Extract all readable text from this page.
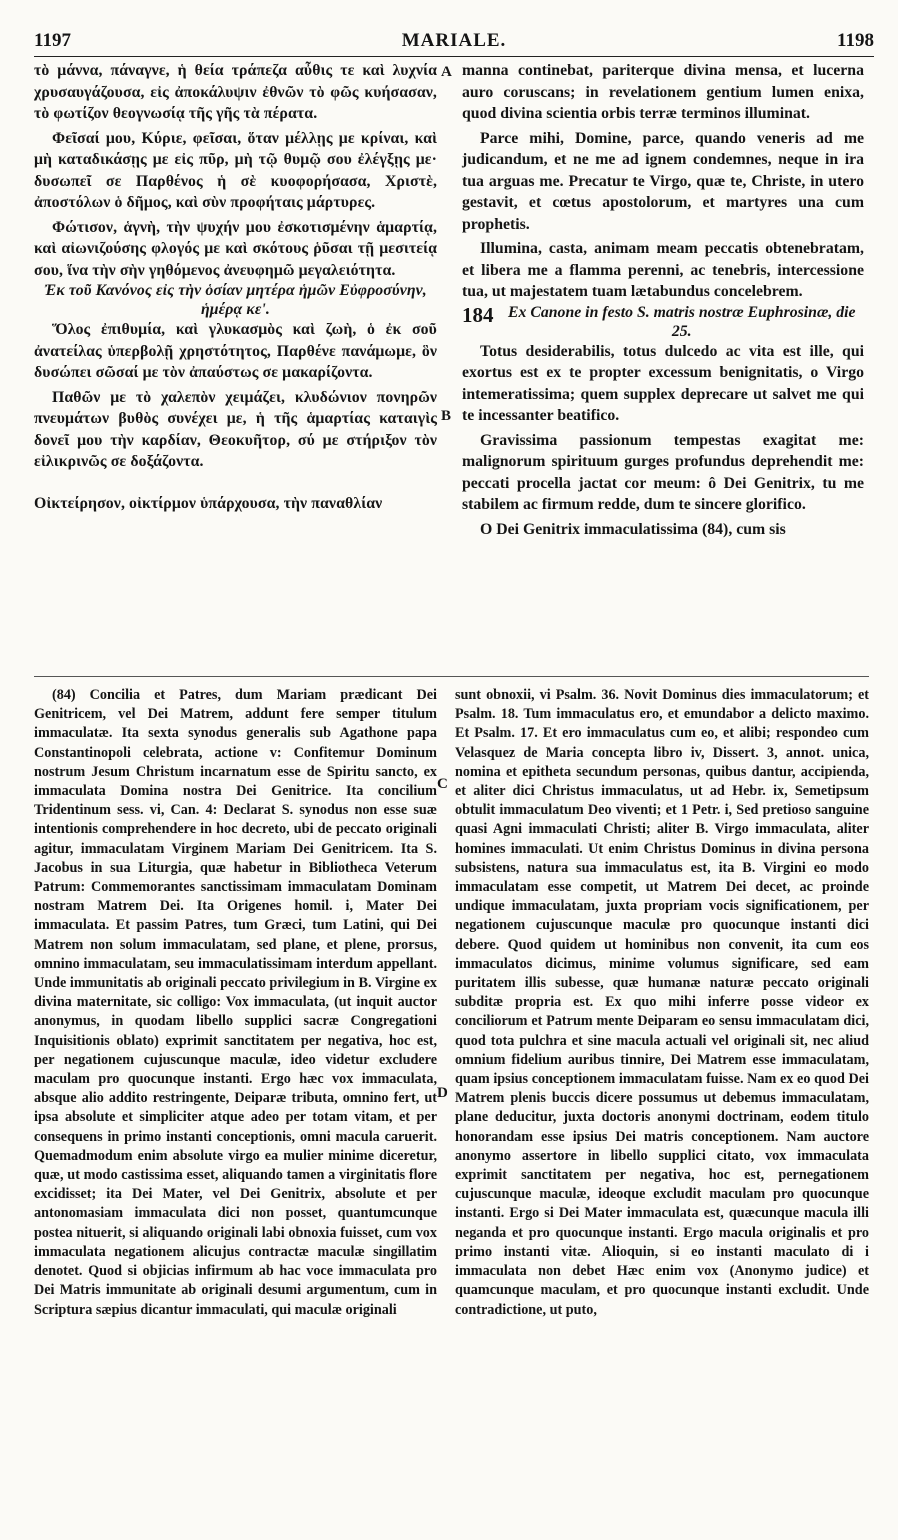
1197	MARIALE.	1198
A
B
C
D

τὸ μάννα, πάναγνε, ἡ θεία τράπεζα αὖθις τε καὶ λυχνία χρυσαυγάζουσα, εἰς ἀποκάλυψιν ἐθνῶν τὸ φῶς κυήσασαν, τὸ φωτίζον θεογνωσίᾳ τῆς γῆς τὰ πέρατα.

Φεῖσαί μου, Κύριε, φεῖσαι, ὅταν μέλλῃς με κρίναι, καὶ μὴ καταδικάσῃς με εἰς πῦρ, μὴ τῷ θυμῷ σου ἐλέγξῃς με· δυσωπεῖ σε Παρθένος ἡ σὲ κυοφορήσασα, Χριστὲ, ἀποστόλων ὁ δῆμος, καὶ σὺν προφήταις μάρτυρες.

Φώτισον, ἁγνὴ, τὴν ψυχήν μου ἐσκοτισμένην ἁμαρτίᾳ, καὶ αἰωνιζούσης φλογός με καὶ σκότους ῥῦσαι τῇ μεσιτείᾳ σου, ἵνα τὴν σὴν γηθόμενος ἀνευφημῶ μεγαλειότητα.

Ἐκ τοῦ Κανόνος εἰς τὴν ὁσίαν μητέρα ἡμῶν Εὐφροσύνην, ἡμέρᾳ κε'.

Ὅλος ἐπιθυμία, καὶ γλυκασμὸς καὶ ζωὴ, ὁ ἐκ σοῦ ἀνατείλας ὑπερβολῇ χρηστότητος, Παρθένε πανάμωμε, ὃν δυσώπει σῶσαί με τὸν ἀπαύστως σε μακαρίζοντα.

Παθῶν με τὸ χαλεπὸν χειμάζει, κλυδώνιον πονηρῶν πνευμάτων βυθὸς συνέχει με, ἡ τῆς ἁμαρτίας καταιγὶς δονεῖ μου τὴν καρδίαν, Θεοκυῆτορ, σύ με στήριξον τὸν εἰλικρινῶς σε δοξάζοντα.

Οἰκτείρησον, οἰκτίρμον ὑπάρχουσα, τὴν παναθλίαν

manna continebat, pariterque divina mensa, et lucerna auro coruscans; in revelationem gentium lumen enixa, quod divina scientia orbis terræ terminos illuminat.

Parce mihi, Domine, parce, quando veneris ad me judicandum, et ne me ad ignem condemnes, neque in ira tua arguas me. Precatur te Virgo, quæ te, Christe, in utero gestavit, et cœtus apostolorum, et martyres una cum prophetis.

Illumina, casta, animam meam peccatis obtenebratam, et libera me a flamma perenni, ac tenebris, intercessione tua, ut majestatem tuam lætabundus concelebrem.

184 Ex Canone in festo S. matris nostræ Euphrosinæ, die 25.

Totus desiderabilis, totus dulcedo ac vita est ille, qui exortus est ex te propter excessum benignitatis, o Virgo intemeratissima; quem supplex deprecare ut salvet me qui te incessanter beatifico.

Gravissima passionum tempestas exagitat me: malignorum spirituum gurges profundus deprehendit me: peccati procella jactat cor meum: ô Dei Genitrix, tu me stabilem ac firmum redde, dum te sincere glorifico.

O Dei Genitrix immaculatissima (84), cum sis

(84) Concilia et Patres, dum Mariam prædicant Dei Genitricem, vel Dei Matrem, addunt fere semper titulum immaculatæ. Ita sexta synodus generalis sub Agathone papa Constantinopoli celebrata, actione v: Confitemur Dominum nostrum Jesum Christum incarnatum esse de Spiritu sancto, ex immaculata Domina nostra Dei Genitrice. Ita concilium Tridentinum sess. vi, Can. 4: Declarat S. synodus non esse suæ intentionis comprehendere in hoc decreto, ubi de peccato originali agitur, immaculatam Virginem Mariam Dei Genitricem. Ita S. Jacobus in sua Liturgia, quæ habetur in Bibliotheca Veterum Patrum: Commemorantes sanctissimam immaculatam Dominam nostram Matrem Dei. Ita Origenes homil. i, Mater Dei immaculata. Et passim Patres, tum Græci, tum Latini, qui Dei Matrem non solum immaculatam, sed plane, et plene, prorsus, omnino immaculatam, seu immaculatissimam interdum appellant. Unde immunitatis ab originali peccato privilegium in B. Virgine ex divina maternitate, sic colligo: Vox immaculata, (ut inquit auctor anonymus, in quodam libello supplici sacræ Congregationi Inquisitionis oblato) exprimit sanctitatem per negativa, hoc est, per negationem cujuscunque maculæ, ideo videtur excludere maculam pro quocunque instanti. Ergo hæc vox immaculata, absque alio addito restringente, Deiparæ tributa, omnino fert, ut ipsa absolute et simpliciter atque adeo per totam vitam, et per consequens in primo instanti conceptionis, omni macula caruerit. Quemadmodum enim absolute virgo ea mulier minime diceretur, quæ, ut modo castissima esset, aliquando tamen a virginitatis flore excidisset; ita Dei Mater, vel Dei Genitrix, absolute et per antonomasiam immaculata dici non posset, quantumcunque postea nituerit, si aliquando originali labi obnoxia fuisset, cum vox immaculata negationem alicujus contractæ maculæ singillatim denotet. Quod si objicias infirmum ab hac voce immaculata pro Dei Matris immunitate ab originali desumi argumentum, cum in Scriptura sæpius dicantur immaculati, qui maculæ originali

sunt obnoxii, vi Psalm. 36. Novit Dominus dies immaculatorum; et Psalm. 18. Tum immaculatus ero, et emundabor a delicto maximo. Et Psalm. 17. Et ero immaculatus cum eo, et alibi; respondeo cum Velasquez de Maria concepta libro iv, Dissert. 3, annot. unica, nomina et epitheta secundum personas, quibus dantur, accipienda, et aliter dici Christus immaculatus, ut ad Hebr. ix, Semetipsum obtulit immaculatum Deo viventi; et 1 Petr. i, Sed pretioso sanguine quasi Agni immaculati Christi; aliter B. Virgo immaculata, aliter homines immaculati. Ut enim Christus Dominus in divina persona subsistens, natura sua immaculatus est, ita B. Virgini eo modo immaculatam esse competit, ut Matrem Dei decet, ac proinde undique immaculatam, juxta propriam vocis significationem, per negationem cujuscunque maculæ pro quocunque instanti dici debere. Quod quidem ut hominibus non convenit, ita cum eos immaculatos dicimus, minime volumus significare, sed eam puritatem illis subesse, quæ humanæ naturæ peccato originali subditæ propria est. Ex quo mihi inferre posse videor ex conciliorum et Patrum mente Deiparam eo sensu immaculatam dici, quod tota pulchra et sine macula actuali vel originali sit, nec aliud omnium fidelium auribus tinnire, Dei Matrem esse immaculatam, quam ipsius conceptionem immaculatam fuisse. Nam ex eo quod Dei Matrem plenis buccis dicere possumus ut debemus immaculatam, plane deducitur, juxta doctoris anonymi doctrinam, eodem titulo honorandam esse ipsius Dei matris conceptionem. Nam auctore anonymo assertore in libello supplici citato, vox immaculata exprimit sanctitatem per negativa, hoc est, pernegationem cujuscunque maculæ, ideoque excludit maculam pro quocunque instanti. Ergo si Dei Mater immaculata est, quæcunque macula illi neganda et pro quocunque instanti. Ergo macula originalis et pro primo instanti vitæ. Alioquin, si eo instanti maculato di i immaculata non debet Hæc enim vox (Anonymo judice) et quamcunque maculam, et pro quocunque instanti excludit. Unde contradictione, ut puto,
